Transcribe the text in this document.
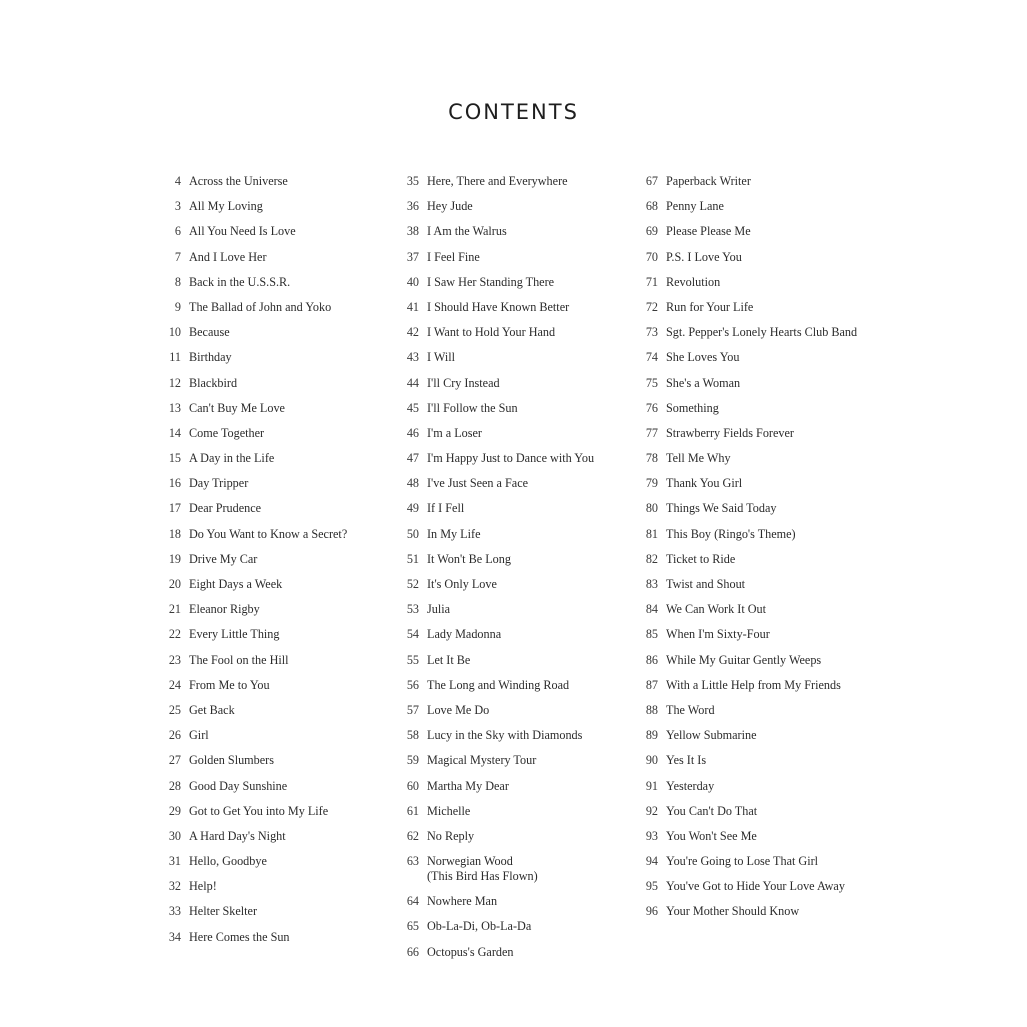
CONTENTS
4 Across the Universe
3 All My Loving
6 All You Need Is Love
7 And I Love Her
8 Back in the U.S.S.R.
9 The Ballad of John and Yoko
10 Because
11 Birthday
12 Blackbird
13 Can't Buy Me Love
14 Come Together
15 A Day in the Life
16 Day Tripper
17 Dear Prudence
18 Do You Want to Know a Secret?
19 Drive My Car
20 Eight Days a Week
21 Eleanor Rigby
22 Every Little Thing
23 The Fool on the Hill
24 From Me to You
25 Get Back
26 Girl
27 Golden Slumbers
28 Good Day Sunshine
29 Got to Get You into My Life
30 A Hard Day's Night
31 Hello, Goodbye
32 Help!
33 Helter Skelter
34 Here Comes the Sun
35 Here, There and Everywhere
36 Hey Jude
38 I Am the Walrus
37 I Feel Fine
40 I Saw Her Standing There
41 I Should Have Known Better
42 I Want to Hold Your Hand
43 I Will
44 I'll Cry Instead
45 I'll Follow the Sun
46 I'm a Loser
47 I'm Happy Just to Dance with You
48 I've Just Seen a Face
49 If I Fell
50 In My Life
51 It Won't Be Long
52 It's Only Love
53 Julia
54 Lady Madonna
55 Let It Be
56 The Long and Winding Road
57 Love Me Do
58 Lucy in the Sky with Diamonds
59 Magical Mystery Tour
60 Martha My Dear
61 Michelle
62 No Reply
63 Norwegian Wood
(This Bird Has Flown)
64 Nowhere Man
65 Ob-La-Di, Ob-La-Da
66 Octopus's Garden
67 Paperback Writer
68 Penny Lane
69 Please Please Me
70 P.S. I Love You
71 Revolution
72 Run for Your Life
73 Sgt. Pepper's Lonely Hearts Club Band
74 She Loves You
75 She's a Woman
76 Something
77 Strawberry Fields Forever
78 Tell Me Why
79 Thank You Girl
80 Things We Said Today
81 This Boy (Ringo's Theme)
82 Ticket to Ride
83 Twist and Shout
84 We Can Work It Out
85 When I'm Sixty-Four
86 While My Guitar Gently Weeps
87 With a Little Help from My Friends
88 The Word
89 Yellow Submarine
90 Yes It Is
91 Yesterday
92 You Can't Do That
93 You Won't See Me
94 You're Going to Lose That Girl
95 You've Got to Hide Your Love Away
96 Your Mother Should Know
